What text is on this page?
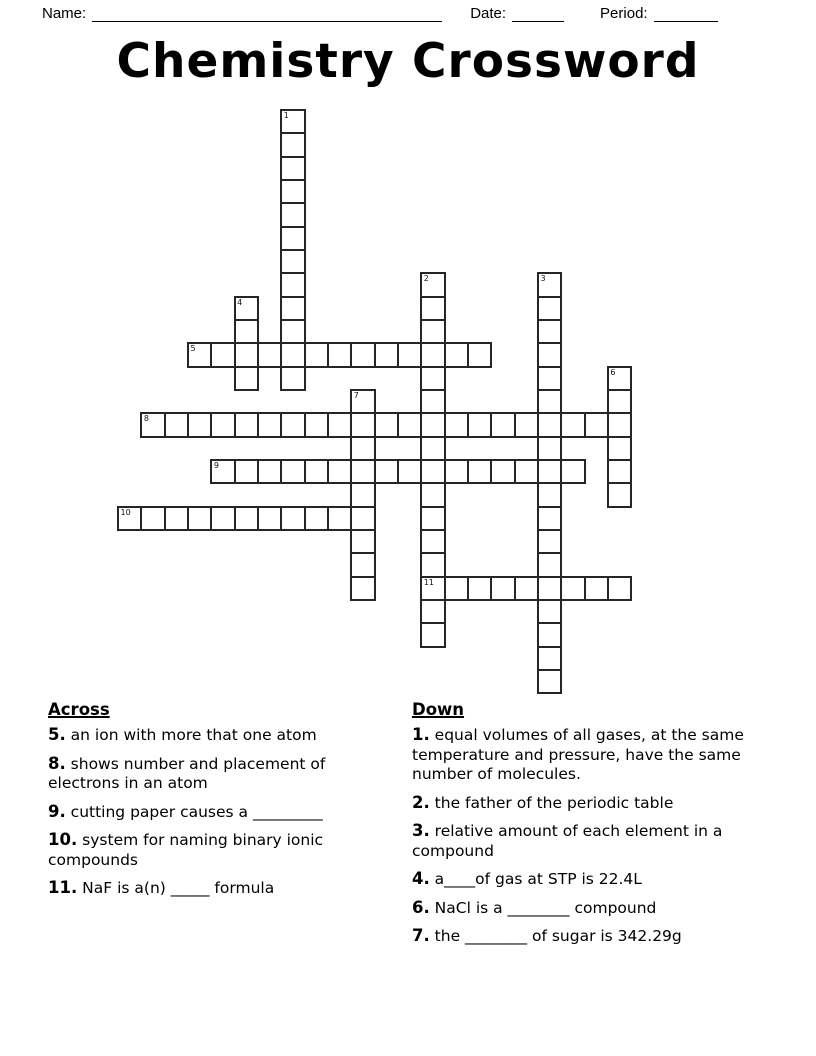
Name:	Date:	Period:
Chemistry Crossword
1
2
11
3
4
5
6
7
8
9
10
Across

5. an ion with more that one atom

8. shows number and placement of electrons in an atom

9. cutting paper causes a _________

10. system for naming binary ionic compounds

11. NaF is a(n) _____ formula

Down

1. equal volumes of all gases, at the same temperature and pressure, have the same number of molecules.

2. the father of the periodic table

3. relative amount of each element in a compound

4. a____of gas at STP is 22.4L

6. NaCl is a ________ compound

7. the ________ of sugar is 342.29g
